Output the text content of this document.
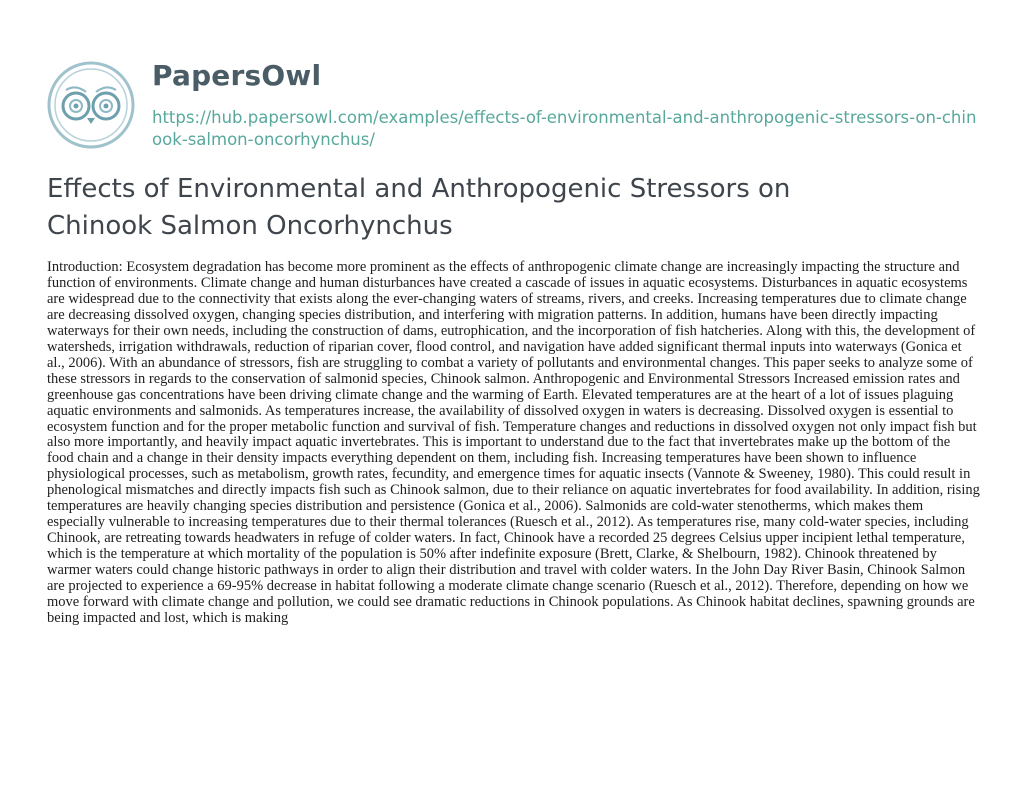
PapersOwl
https://hub.papersowl.com/examples/effects-of-environmental-and-anthropogenic-stressors-on-chinook-salmon-oncorhynchus/
Effects of Environmental and Anthropogenic Stressors on Chinook Salmon Oncorhynchus

Introduction: Ecosystem degradation has become more prominent as the effects of anthropogenic climate change are increasingly impacting the structure and function of environments. Climate change and human disturbances have created a cascade of issues in aquatic ecosystems. Disturbances in aquatic ecosystems are widespread due to the connectivity that exists along the ever-changing waters of streams, rivers, and creeks. Increasing temperatures due to climate change are decreasing dissolved oxygen, changing species distribution, and interfering with migration patterns. In addition, humans have been directly impacting waterways for their own needs, including the construction of dams, eutrophication, and the incorporation of fish hatcheries. Along with this, the development of watersheds, irrigation withdrawals, reduction of riparian cover, flood control, and navigation have added significant thermal inputs into waterways (Gonica et al., 2006). With an abundance of stressors, fish are struggling to combat a variety of pollutants and environmental changes. This paper seeks to analyze some of these stressors in regards to the conservation of salmonid species, Chinook salmon. Anthropogenic and Environmental Stressors Increased emission rates and greenhouse gas concentrations have been driving climate change and the warming of Earth. Elevated temperatures are at the heart of a lot of issues plaguing aquatic environments and salmonids. As temperatures increase, the availability of dissolved oxygen in waters is decreasing. Dissolved oxygen is essential to ecosystem function and for the proper metabolic function and survival of fish. Temperature changes and reductions in dissolved oxygen not only impact fish but also more importantly, and heavily impact aquatic invertebrates. This is important to understand due to the fact that invertebrates make up the bottom of the food chain and a change in their density impacts everything dependent on them, including fish. Increasing temperatures have been shown to influence physiological processes, such as metabolism, growth rates, fecundity, and emergence times for aquatic insects (Vannote & Sweeney, 1980). This could result in phenological mismatches and directly impacts fish such as Chinook salmon, due to their reliance on aquatic invertebrates for food availability. In addition, rising temperatures are heavily changing species distribution and persistence (Gonica et al., 2006). Salmonids are cold-water stenotherms, which makes them especially vulnerable to increasing temperatures due to their thermal tolerances (Ruesch et al., 2012). As temperatures rise, many cold-water species, including Chinook, are retreating towards headwaters in refuge of colder waters. In fact, Chinook have a recorded 25 degrees Celsius upper incipient lethal temperature, which is the temperature at which mortality of the population is 50% after indefinite exposure (Brett, Clarke, & Shelbourn, 1982). Chinook threatened by warmer waters could change historic pathways in order to align their distribution and travel with colder waters. In the John Day River Basin, Chinook Salmon are projected to experience a 69-95% decrease in habitat following a moderate climate change scenario (Ruesch et al., 2012). Therefore, depending on how we move forward with climate change and pollution, we could see dramatic reductions in Chinook populations. As Chinook habitat declines, spawning grounds are being impacted and lost, which is making
